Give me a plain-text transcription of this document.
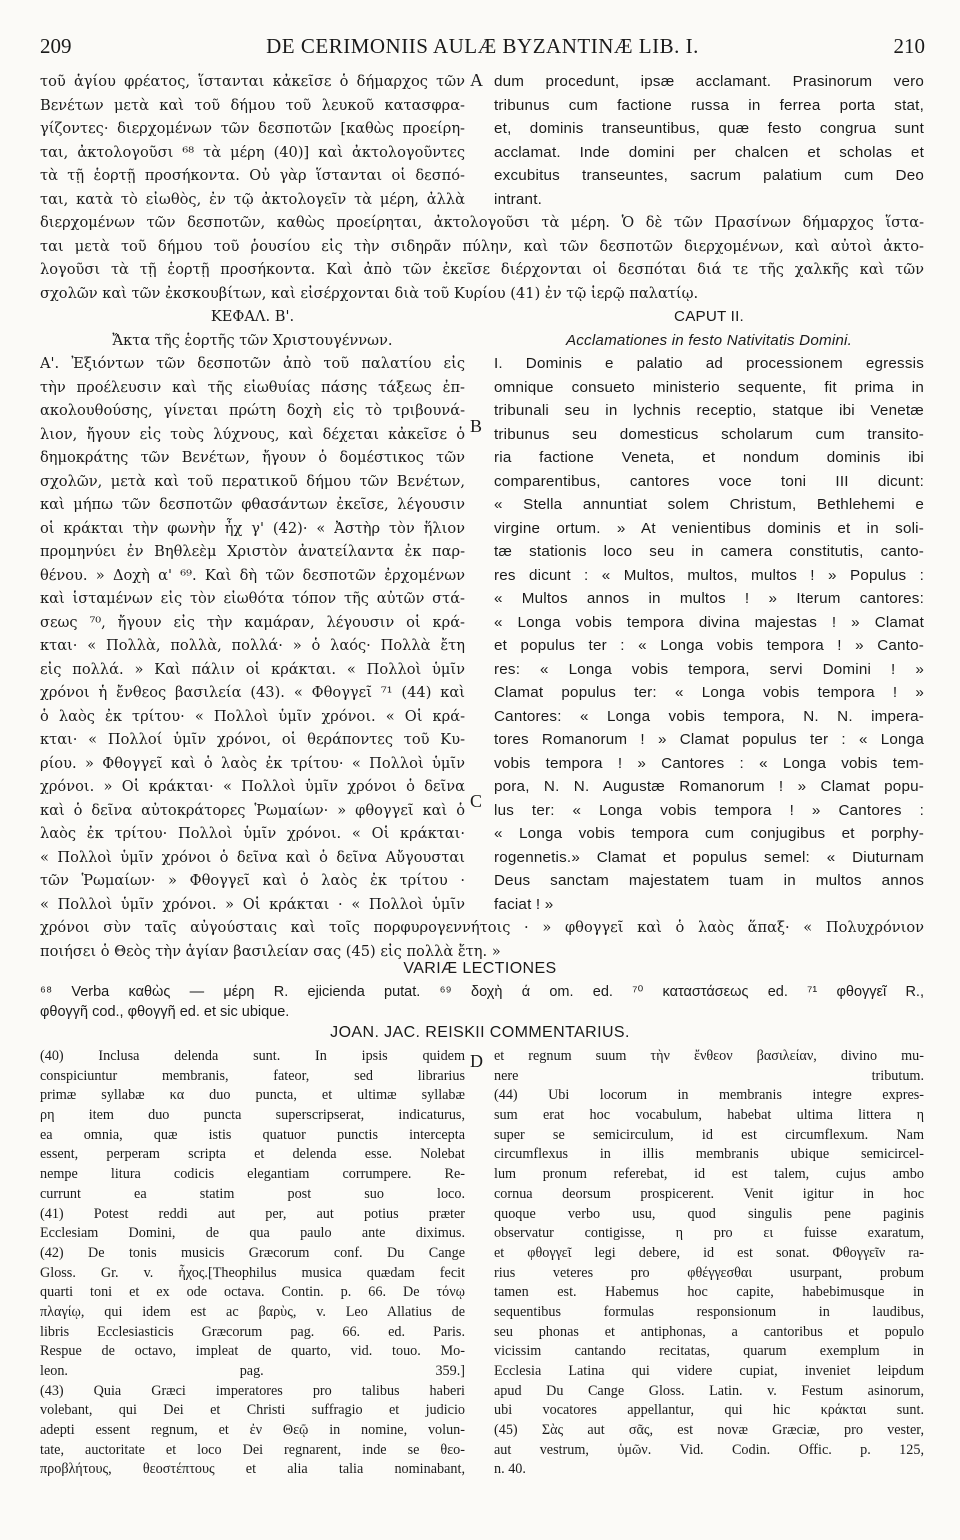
209	DE CERIMONIIS AULÆ BYZANTINÆ LIB. I.	210
A
B
C
D
τοῦ ἁγίου φρέατος, ἵστανται κἀκεῖσε ὁ δήμαρχος τῶν
Βενέτων μετὰ καὶ τοῦ δήμου τοῦ λευκοῦ κατασφρα-
γίζοντες· διερχομένων τῶν δεσποτῶν [καθὼς προείρη-
ται, ἀκτολογοῦσι ⁶⁸ τὰ μέρη (40)] καὶ ἀκτολογοῦντες
τὰ τῇ ἑορτῇ προσήκοντα. Οὐ γὰρ ἵστανται οἱ δεσπό-
ται, κατὰ τὸ εἰωθὸς, ἐν τῷ ἀκτολογεῖν τὰ μέρη, ἀλλὰ
dum procedunt, ipsæ acclamant. Prasinorum vero
tribunus cum factione russa in ferrea porta stat,
et, dominis transeuntibus, quæ festo congrua sunt
acclamat. Inde domini per chalcen et scholas et
excubitus transeuntes, sacrum palatium cum Deo
intrant.
διερχομένων τῶν δεσποτῶν, καθὼς προείρηται, ἀκτολογοῦσι τὰ μέρη. Ὁ δὲ τῶν Πρασίνων δήμαρχος ἵστα-
ται μετὰ τοῦ δήμου τοῦ ῥουσίου εἰς τὴν σιδηρᾶν πύλην, καὶ τῶν δεσποτῶν διερχομένων, καὶ αὐτοὶ ἀκτο-
λογοῦσι τὰ τῇ ἑορτῇ προσήκοντα. Καὶ ἀπὸ τῶν ἐκεῖσε διέρχονται οἱ δεσπόται διά τε τῆς χαλκῆς καὶ τῶν
σχολῶν καὶ τῶν ἐκσκουβίτων, καὶ εἰσέρχονται διὰ τοῦ Κυρίου (41) ἐν τῷ ἱερῷ παλατίῳ.
ΚΕΦΑΛ. Β'.
Ἄκτα τῆς ἑορτῆς τῶν Χριστουγέννων.
CAPUT II.
Acclamationes in festo Nativitatis Domini.
Α'. Ἐξιόντων τῶν δεσποτῶν ἀπὸ τοῦ παλατίου εἰς
τὴν προέλευσιν καὶ τῆς εἰωθυίας πάσης τάξεως ἐπ-
ακολουθούσης, γίνεται πρώτη δοχὴ εἰς τὸ τριβουνά-
λιον, ἤγουν εἰς τοὺς λύχνους, καὶ δέχεται κἀκεῖσε ὁ
δημοκράτης τῶν Βενέτων, ἤγουν ὁ δομέστικος τῶν
σχολῶν, μετὰ καὶ τοῦ περατικοῦ δήμου τῶν Βενέτων,
καὶ μήπω τῶν δεσποτῶν φθασάντων ἐκεῖσε, λέγουσιν
οἱ κράκται τὴν φωνὴν ἦχ γ' (42)· « Ἀστὴρ τὸν ἥλιον
προμηνύει ἐν Βηθλεὲμ Χριστὸν ἀνατείλαντα ἐκ παρ-
θένου. » Δοχὴ α' ⁶⁹. Καὶ δὴ τῶν δεσποτῶν ἐρχομένων
καὶ ἱσταμένων εἰς τὸν εἰωθότα τόπον τῆς αὐτῶν στά-
σεως ⁷⁰, ἤγουν εἰς τὴν καμάραν, λέγουσιν οἱ κρά-
κται· « Πολλὰ, πολλὰ, πολλά· » ὁ λαός· Πολλὰ ἔτη
εἰς πολλά. » Καὶ πάλιν οἱ κράκται. « Πολλοὶ ὑμῖν
χρόνοι ἡ ἔνθεος βασιλεία (43). « Φθογγεῖ ⁷¹ (44) καὶ
ὁ λαὸς ἐκ τρίτου· « Πολλοὶ ὑμῖν χρόνοι. « Οἱ κρά-
κται· « Πολλοί ὑμῖν χρόνοι, οἱ θεράποντες τοῦ Κυ-
ρίου. » Φθογγεῖ καὶ ὁ λαὸς ἐκ τρίτου· « Πολλοὶ ὑμῖν
χρόνοι. » Οἱ κράκται· « Πολλοὶ ὑμῖν χρόνοι ὁ δεῖνα
καὶ ὁ δεῖνα αὐτοκράτορες Ῥωμαίων· » φθογγεῖ καὶ ὁ
λαὸς ἐκ τρίτου· Πολλοὶ ὑμῖν χρόνοι. « Οἱ κράκται·
« Πολλοὶ ὑμῖν χρόνοι ὁ δεῖνα καὶ ὁ δεῖνα Αὔγουσται
τῶν Ῥωμαίων· » Φθογγεῖ καὶ ὁ λαὸς ἐκ τρίτου ·
« Πολλοὶ ὑμῖν χρόνοι. » Οἱ κράκται · « Πολλοὶ ὑμῖν
I. Dominis e palatio ad processionem egressis
omnique consueto ministerio sequente, fit prima in
tribunali seu in lychnis receptio, statque ibi Venetæ
tribunus seu domesticus scholarum cum transito-
ria factione Veneta, et nondum dominis ibi
comparentibus, cantores voce toni III dicunt:
« Stella annuntiat solem Christum, Bethlehemi e
virgine ortum. » At venientibus dominis et in soli-
tæ stationis loco seu in camera constitutis, canto-
res dicunt : « Multos, multos, multos ! » Populus :
« Multos annos in multos ! » Iterum cantores:
« Longa vobis tempora divina majestas ! » Clamat
et populus ter : « Longa vobis tempora ! » Canto-
res: « Longa vobis tempora, servi Domini ! »
Clamat populus ter: « Longa vobis tempora ! »
Cantores: « Longa vobis tempora, N. N. impera-
tores Romanorum ! » Clamat populus ter : « Longa
vobis tempora ! » Cantores : « Longa vobis tem-
pora, N. N. Augustæ Romanorum ! » Clamat popu-
lus ter: « Longa vobis tempora ! » Cantores :
« Longa vobis tempora cum conjugibus et porphy-
rogennetis.» Clamat et populus semel: « Diuturnam
Deus sanctam majestatem tuam in multos annos
faciat ! »
χρόνοι σὺν ταῖς αὐγούσταις καὶ τοῖς πορφυρογεννήτοις · » φθογγεῖ καὶ ὁ λαὸς ἅπαξ· « Πολυχρόνιον
ποιήσει ὁ Θεὸς τὴν ἁγίαν βασιλείαν σας (45) εἰς πολλὰ ἔτη. »
VARIÆ LECTIONES
⁶⁸ Verba καθὼς — μέρη R. ejicienda putat. ⁶⁹ δοχὴ ά om. ed. ⁷⁰ καταστάσεως ed. ⁷¹ φθογγεῖ R.,
φθογγῆ cod., φθογγῆ ed. et sic ubique.
JOAN. JAC. REISKII COMMENTARIUS.
(40) Inclusa delenda sunt. In ipsis quidem
conspiciuntur membranis, fateor, sed librarius
primæ syllabæ κα duo puncta, et ultimæ syllabæ
ρη item duo puncta superscripserat, indicaturus,
ea omnia, quæ istis quatuor punctis intercepta
essent, perperam scripta et delenda esse. Nolebat
nempe litura codicis elegantiam corrumpere. Re-
currunt ea statim post suo loco.
(41) Potest reddi aut per, aut potius præter
Ecclesiam Domini, de qua paulo ante diximus.
(42) De tonis musicis Græcorum conf. Du Cange
Gloss. Gr. v. ἦχος.[Theophilus musica quædam fecit
quarti toni et ex ode octava. Contin. p. 66. De τόνῳ
πλαγίῳ, qui idem est ac βαρὺς, v. Leo Allatius de
libris Ecclesiasticis Græcorum pag. 66. ed. Paris.
Respue de octavo, impleat de quarto, vid. touo. Mo-
leon. pag. 359.]
(43) Quia Græci imperatores pro talibus haberi
volebant, qui Dei et Christi suffragio et judicio
adepti essent regnum, et ἐν Θεῷ in nomine, volun-
tate, auctoritate et loco Dei regnarent, inde se θεο-
προβλήτους, θεοστέπτους et alia talia nominabant,
et regnum suum τὴν ἔνθεον βασιλείαν, divino mu-
nere tributum.
(44) Ubi locorum in membranis integre expres-
sum erat hoc vocabulum, habebat ultima littera η
super se semicirculum, id est circumflexum. Nam
circumflexus in illis membranis ubique semicircel-
lum pronum referebat, id est talem, cujus ambo
cornua deorsum prospicerent. Venit igitur in hoc
quoque verbo usu, quod singulis pene paginis
observatur contigisse, η pro ει fuisse exaratum,
et φθογγεῖ legi debere, id est sonat. Φθογγεῖν ra-
rius veteres pro φθέγγεσθαι usurpant, probum
tamen est. Habemus hoc capite, habebimusque in
sequentibus formulas responsionum in laudibus,
seu phonas et antiphonas, a cantoribus et populo
vicissim cantando recitatas, quarum exemplum in
Ecclesia Latina qui videre cupiat, inveniet leipdum
apud Du Cange Gloss. Latin. v. Festum asinorum,
ubi vocatores appellantur, qui hic κράκται sunt.
(45) Σὰς aut σᾶς, est novæ Græciæ, pro vester,
aut vestrum, ὑμῶν. Vid. Codin. Offic. p. 125,
n. 40.
